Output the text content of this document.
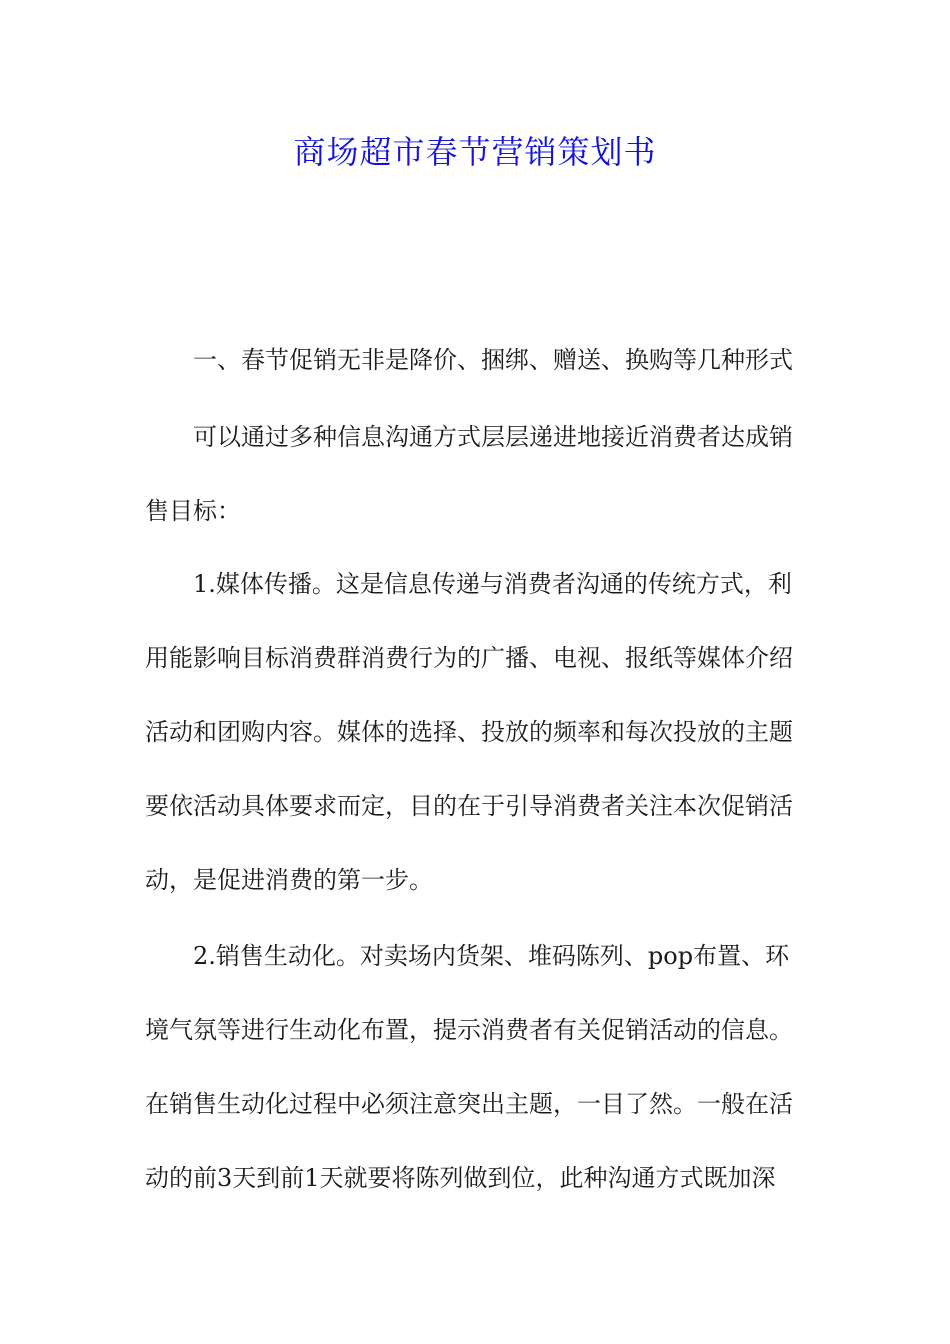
商场超市春节营销策划书

一、春节促销无非是降价、捆绑、赠送、换购等几种形式

可以通过多种信息沟通方式层层递进地接近消费者达成销

售目标：

1.媒体传播。这是信息传递与消费者沟通的传统方式，利

用能影响目标消费群消费行为的广播、电视、报纸等媒体介绍

活动和团购内容。媒体的选择、投放的频率和每次投放的主题

要依活动具体要求而定，目的在于引导消费者关注本次促销活

动，是促进消费的第一步。

2.销售生动化。对卖场内货架、堆码陈列、pop布置、环

境气氛等进行生动化布置，提示消费者有关促销活动的信息。

在销售生动化过程中必须注意突出主题，一目了然。一般在活

动的前3天到前1天就要将陈列做到位，此种沟通方式既加深
